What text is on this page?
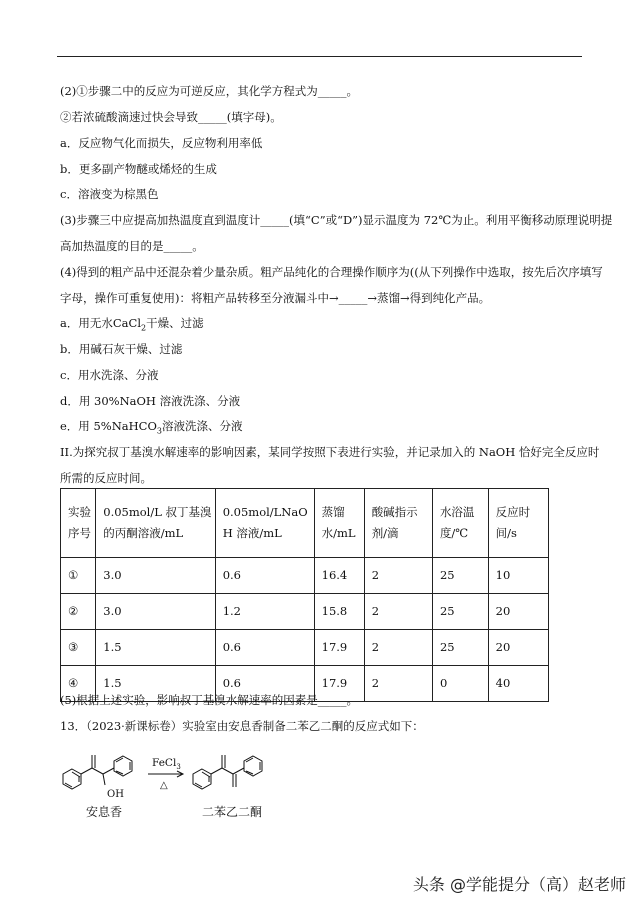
(2)①步骤二中的反应为可逆反应，其化学方程式为_____。
②若浓硫酸滴速过快会导致_____(填字母)。
a．反应物气化而损失，反应物利用率低
b．更多副产物醚或烯烃的生成
c．溶液变为棕黑色
(3)步骤三中应提高加热温度直到温度计_____(填“C”或“D”)显示温度为 72℃为止。利用平衡移动原理说明提
高加热温度的目的是_____。
(4)得到的粗产品中还混杂着少量杂质。粗产品纯化的合理操作顺序为((从下列操作中选取，按先后次序填写
字母，操作可重复使用)：将粗产品转移至分液漏斗中→_____→蒸馏→得到纯化产品。
a．用无水CaCl$_2$干燥、过滤
b．用碱石灰干燥、过滤
c．用水洗涤、分液
d．用 30%NaOH 溶液洗涤、分液
e．用 5%NaHCO$_3$溶液洗涤、分液
II.为探究叔丁基溴水解速率的影响因素，某同学按照下表进行实验，并记录加入的 NaOH 恰好完全反应时
所需的反应时间。
实验
序号	0.05mol/L 叔丁基溴
的丙酮溶液/mL	0.05mol/LNaO
H 溶液/mL	蒸馏
水/mL	酸碱指示
剂/滴	水浴温
度/℃	反应时
间/s

①	3.0	0.6	16.4	2	25	10
②	3.0	1.2	15.8	2	25	20
③	1.5	0.6	17.9	2	25	20
④	1.5	0.6	17.9	2	0	40
(5)根据上述实验，影响叔丁基溴水解速率的因素是_____。
13．（2023·新课标卷）实验室由安息香制备二苯乙二酮的反应式如下：
OH
FeCl$_3$
△
安息香	二苯乙二酮
头条 @学能提分（高）赵老师
